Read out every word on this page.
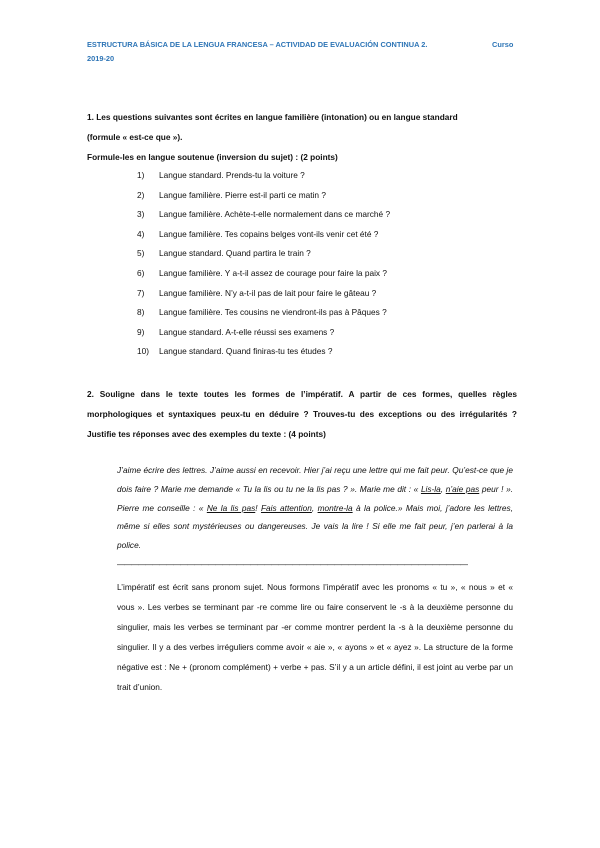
ESTRUCTURA BÁSICA DE LA LENGUA FRANCESA – ACTIVIDAD DE EVALUACIÓN CONTINUA 2.	Curso

2019-20
1. Les questions suivantes sont écrites en langue familière (intonation) ou en langue standard
(formule « est-ce que »).
Formule-les en langue soutenue (inversion du sujet) : (2 points)
1)	Langue standard. Prends-tu la voiture ?
2)	Langue familière. Pierre est-il parti ce matin ?
3)	Langue familière. Achète-t-elle normalement dans ce marché ?
4)	Langue familière. Tes copains belges vont-ils venir cet été ?
5)	Langue standard. Quand partira le train ?
6)	Langue familière. Y a-t-il assez de courage pour faire la paix ?
7)	Langue familière. N’y a-t-il pas de lait pour faire le gâteau ?
8)	Langue familière. Tes cousins ne viendront-ils pas à Pâques ?
9)	Langue standard. A-t-elle réussi ses examens ?
10)	Langue standard. Quand finiras-tu tes études ?
2. Souligne dans le texte toutes les formes de l’impératif. A partir de ces formes, quelles règles morphologiques et syntaxiques peux-tu en déduire ? Trouves-tu des exceptions ou des irrégularités ? Justifie tes réponses avec des exemples du texte : (4 points)
J’aime écrire des lettres. J’aime aussi en recevoir. Hier j’ai reçu une lettre qui me fait peur. Qu’est-ce que je dois faire ? Marie me demande « Tu la lis ou tu ne la lis pas ? ». Marie me dit : « Lis-la, n’aie pas peur ! ». Pierre me conseille : « Ne la lis pas! Fais attention, montre-la à la police.» Mais moi, j’adore les lettres, même si elles sont mystérieuses ou dangereuses. Je vais la lire ! Si elle me fait peur, j’en parlerai à la police.
——————————————————————————————————————————————————
L’impératif est écrit sans pronom sujet. Nous formons l’impératif avec les pronoms « tu », « nous » et « vous ». Les verbes se terminant par -re comme lire ou faire conservent le -s à la deuxième personne du singulier, mais les verbes se terminant par -er comme montrer perdent la -s à la deuxième personne du singulier. Il y a des verbes irréguliers comme avoir « aie », « ayons » et « ayez ». La structure de la forme négative est : Ne + (pronom complément) + verbe + pas. S’il y a un article défini, il est joint au verbe par un trait d’union.
